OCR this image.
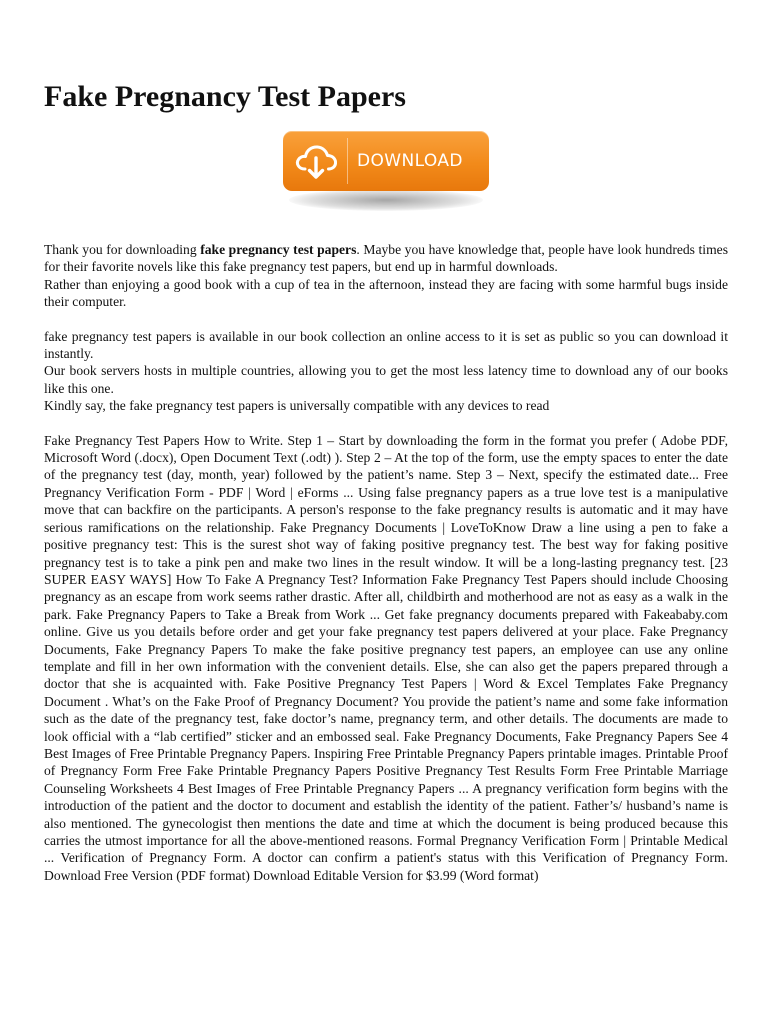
Fake Pregnancy Test Papers
DOWNLOAD

Thank you for downloading fake pregnancy test papers. Maybe you have knowledge that, people have look hundreds times for their favorite novels like this fake pregnancy test papers, but end up in harmful downloads.

Rather than enjoying a good book with a cup of tea in the afternoon, instead they are facing with some harmful bugs inside their computer.

fake pregnancy test papers is available in our book collection an online access to it is set as public so you can download it instantly.

Our book servers hosts in multiple countries, allowing you to get the most less latency time to download any of our books like this one.

Kindly say, the fake pregnancy test papers is universally compatible with any devices to read

Fake Pregnancy Test Papers How to Write. Step 1 – Start by downloading the form in the format you prefer ( Adobe PDF, Microsoft Word (.docx), Open Document Text (.odt) ). Step 2 – At the top of the form, use the empty spaces to enter the date of the pregnancy test (day, month, year) followed by the patient’s name. Step 3 – Next, specify the estimated date... Free Pregnancy Verification Form - PDF | Word | eForms ... Using false pregnancy papers as a true love test is a manipulative move that can backfire on the participants. A person's response to the fake pregnancy results is automatic and it may have serious ramifications on the relationship. Fake Pregnancy Documents | LoveToKnow Draw a line using a pen to fake a positive pregnancy test: This is the surest shot way of faking positive pregnancy test. The best way for faking positive pregnancy test is to take a pink pen and make two lines in the result window. It will be a long-lasting pregnancy test. [23 SUPER EASY WAYS] How To Fake A Pregnancy Test? Information Fake Pregnancy Test Papers should include Choosing pregnancy as an escape from work seems rather drastic. After all, childbirth and motherhood are not as easy as a walk in the park. Fake Pregnancy Papers to Take a Break from Work ... Get fake pregnancy documents prepared with Fakeababy.com online. Give us you details before order and get your fake pregnancy test papers delivered at your place. Fake Pregnancy Documents, Fake Pregnancy Papers To make the fake positive pregnancy test papers, an employee can use any online template and fill in her own information with the convenient details. Else, she can also get the papers prepared through a doctor that she is acquainted with. Fake Positive Pregnancy Test Papers | Word & Excel Templates Fake Pregnancy Document . What’s on the Fake Proof of Pregnancy Document? You provide the patient’s name and some fake information such as the date of the pregnancy test, fake doctor’s name, pregnancy term, and other details. The documents are made to look official with a “lab certified” sticker and an embossed seal. Fake Pregnancy Documents, Fake Pregnancy Papers See 4 Best Images of Free Printable Pregnancy Papers. Inspiring Free Printable Pregnancy Papers printable images. Printable Proof of Pregnancy Form Free Fake Printable Pregnancy Papers Positive Pregnancy Test Results Form Free Printable Marriage Counseling Worksheets 4 Best Images of Free Printable Pregnancy Papers ... A pregnancy verification form begins with the introduction of the patient and the doctor to document and establish the identity of the patient. Father’s/ husband’s name is also mentioned. The gynecologist then mentions the date and time at which the document is being produced because this carries the utmost importance for all the above-mentioned reasons. Formal Pregnancy Verification Form | Printable Medical ... Verification of Pregnancy Form. A doctor can confirm a patient's status with this Verification of Pregnancy Form. Download Free Version (PDF format) Download Editable Version for $3.99 (Word format)
